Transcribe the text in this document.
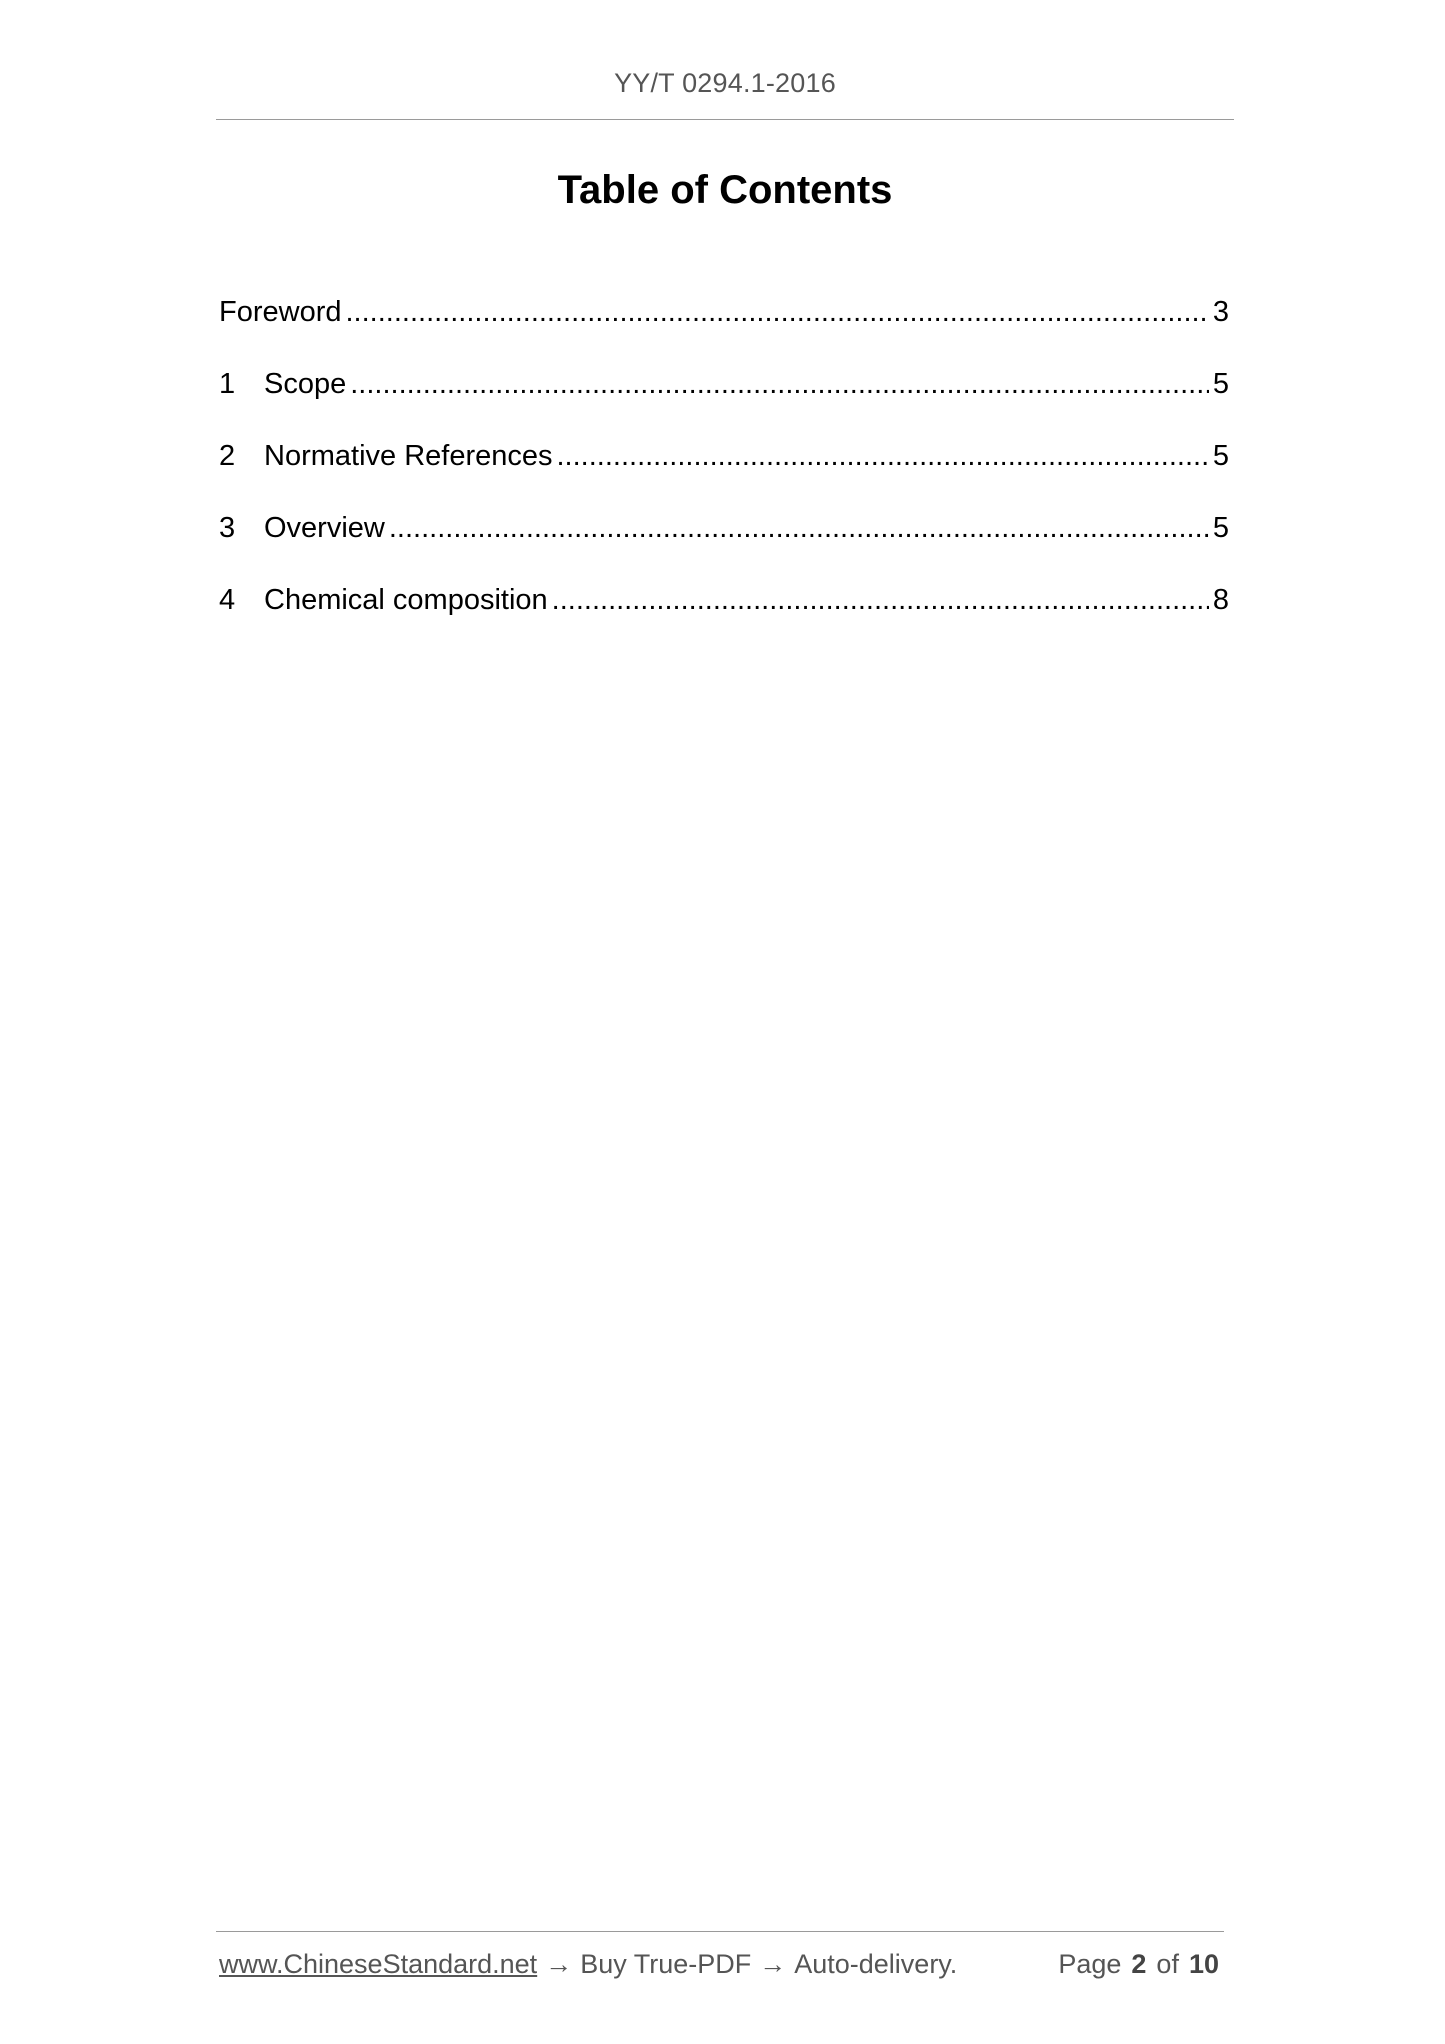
YY/T 0294.1-2016
Table of Contents
Foreword .....	3
1 Scope .....	5
2 Normative References .....	5
3 Overview .....	5
4 Chemical composition .....	8
www.ChineseStandard.net → Buy True-PDF → Auto-delivery.	Page 2 of 10
